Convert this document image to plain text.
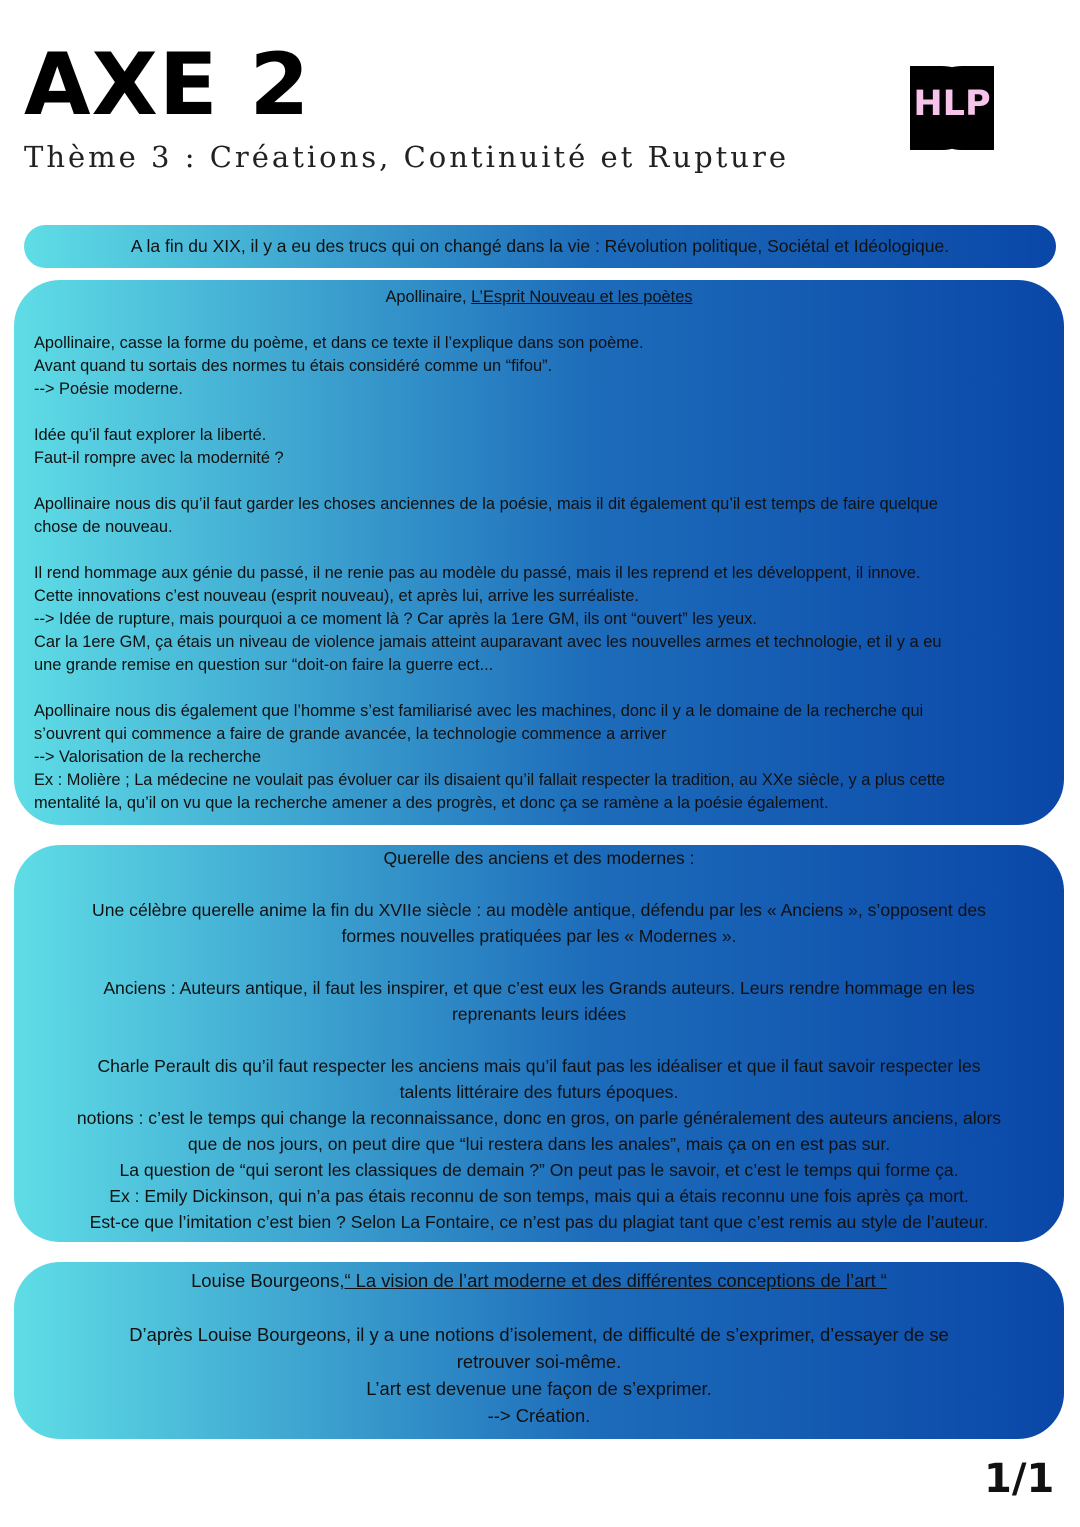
AXE 2
Thème 3 : Créations, Continuité et Rupture
HLP
A la fin du XIX, il y a eu des trucs qui on changé dans la vie : Révolution politique, Sociétal et Idéologique.

Apollinaire, L’Esprit Nouveau et les poètes

Apollinaire, casse la forme du poème, et dans ce texte il l’explique dans son poème.

Avant quand tu sortais des normes tu étais considéré comme un “fifou”.

--> Poésie moderne.

Idée qu’il faut explorer la liberté.

Faut-il rompre avec la modernité ?

Apollinaire nous dis qu’il faut garder les choses anciennes de la poésie, mais il dit également qu’il est temps de faire quelque

chose de nouveau.

Il rend hommage aux génie du passé, il ne renie pas au modèle du passé, mais il les reprend et les développent, il innove.

Cette innovations c’est nouveau (esprit nouveau), et après lui, arrive les surréaliste.

--> Idée de rupture, mais pourquoi a ce moment là ? Car après la 1ere GM, ils ont “ouvert” les yeux.

Car la 1ere GM, ça étais un niveau de violence jamais atteint auparavant avec les nouvelles armes et technologie, et il y a eu

une grande remise en question sur “doit-on faire la guerre ect...

Apollinaire nous dis également que l’homme s’est familiarisé avec les machines, donc il y a le domaine de la recherche qui

s’ouvrent qui commence a faire de grande avancée, la technologie commence a arriver

--> Valorisation de la recherche

Ex : Molière ; La médecine ne voulait pas évoluer car ils disaient qu’il fallait respecter la tradition, au XXe siècle, y a plus cette

mentalité la, qu’il on vu que la recherche amener a des progrès, et donc ça se ramène a la poésie également.

Querelle des anciens et des modernes :

Une célèbre querelle anime la fin du XVIIe siècle : au modèle antique, défendu par les « Anciens », s’opposent des

formes nouvelles pratiquées par les « Modernes ».

Anciens : Auteurs antique, il faut les inspirer, et que c’est eux les Grands auteurs. Leurs rendre hommage en les

reprenants leurs idées

Charle Perault dis qu’il faut respecter les anciens mais qu’il faut pas les idéaliser et que il faut savoir respecter les

talents littéraire des futurs époques.

notions : c’est le temps qui change la reconnaissance, donc en gros, on parle généralement des auteurs anciens, alors

que de nos jours, on peut dire que “lui restera dans les anales”, mais ça on en est pas sur.

La question de “qui seront les classiques de demain ?” On peut pas le savoir, et c’est le temps qui forme ça.

Ex : Emily Dickinson, qui n’a pas étais reconnu de son temps, mais qui a étais reconnu une fois après ça mort.

Est-ce que l’imitation c’est bien ? Selon La Fontaire, ce n’est pas du plagiat tant que c’est remis au style de l’auteur.

Louise Bourgeons,“ La vision de l’art moderne et des différentes conceptions de l’art “

D’après Louise Bourgeons, il y a une notions d’isolement, de difficulté de s’exprimer, d’essayer de se

retrouver soi-même.

L’art est devenue une façon de s’exprimer.

--> Création.

1/1
